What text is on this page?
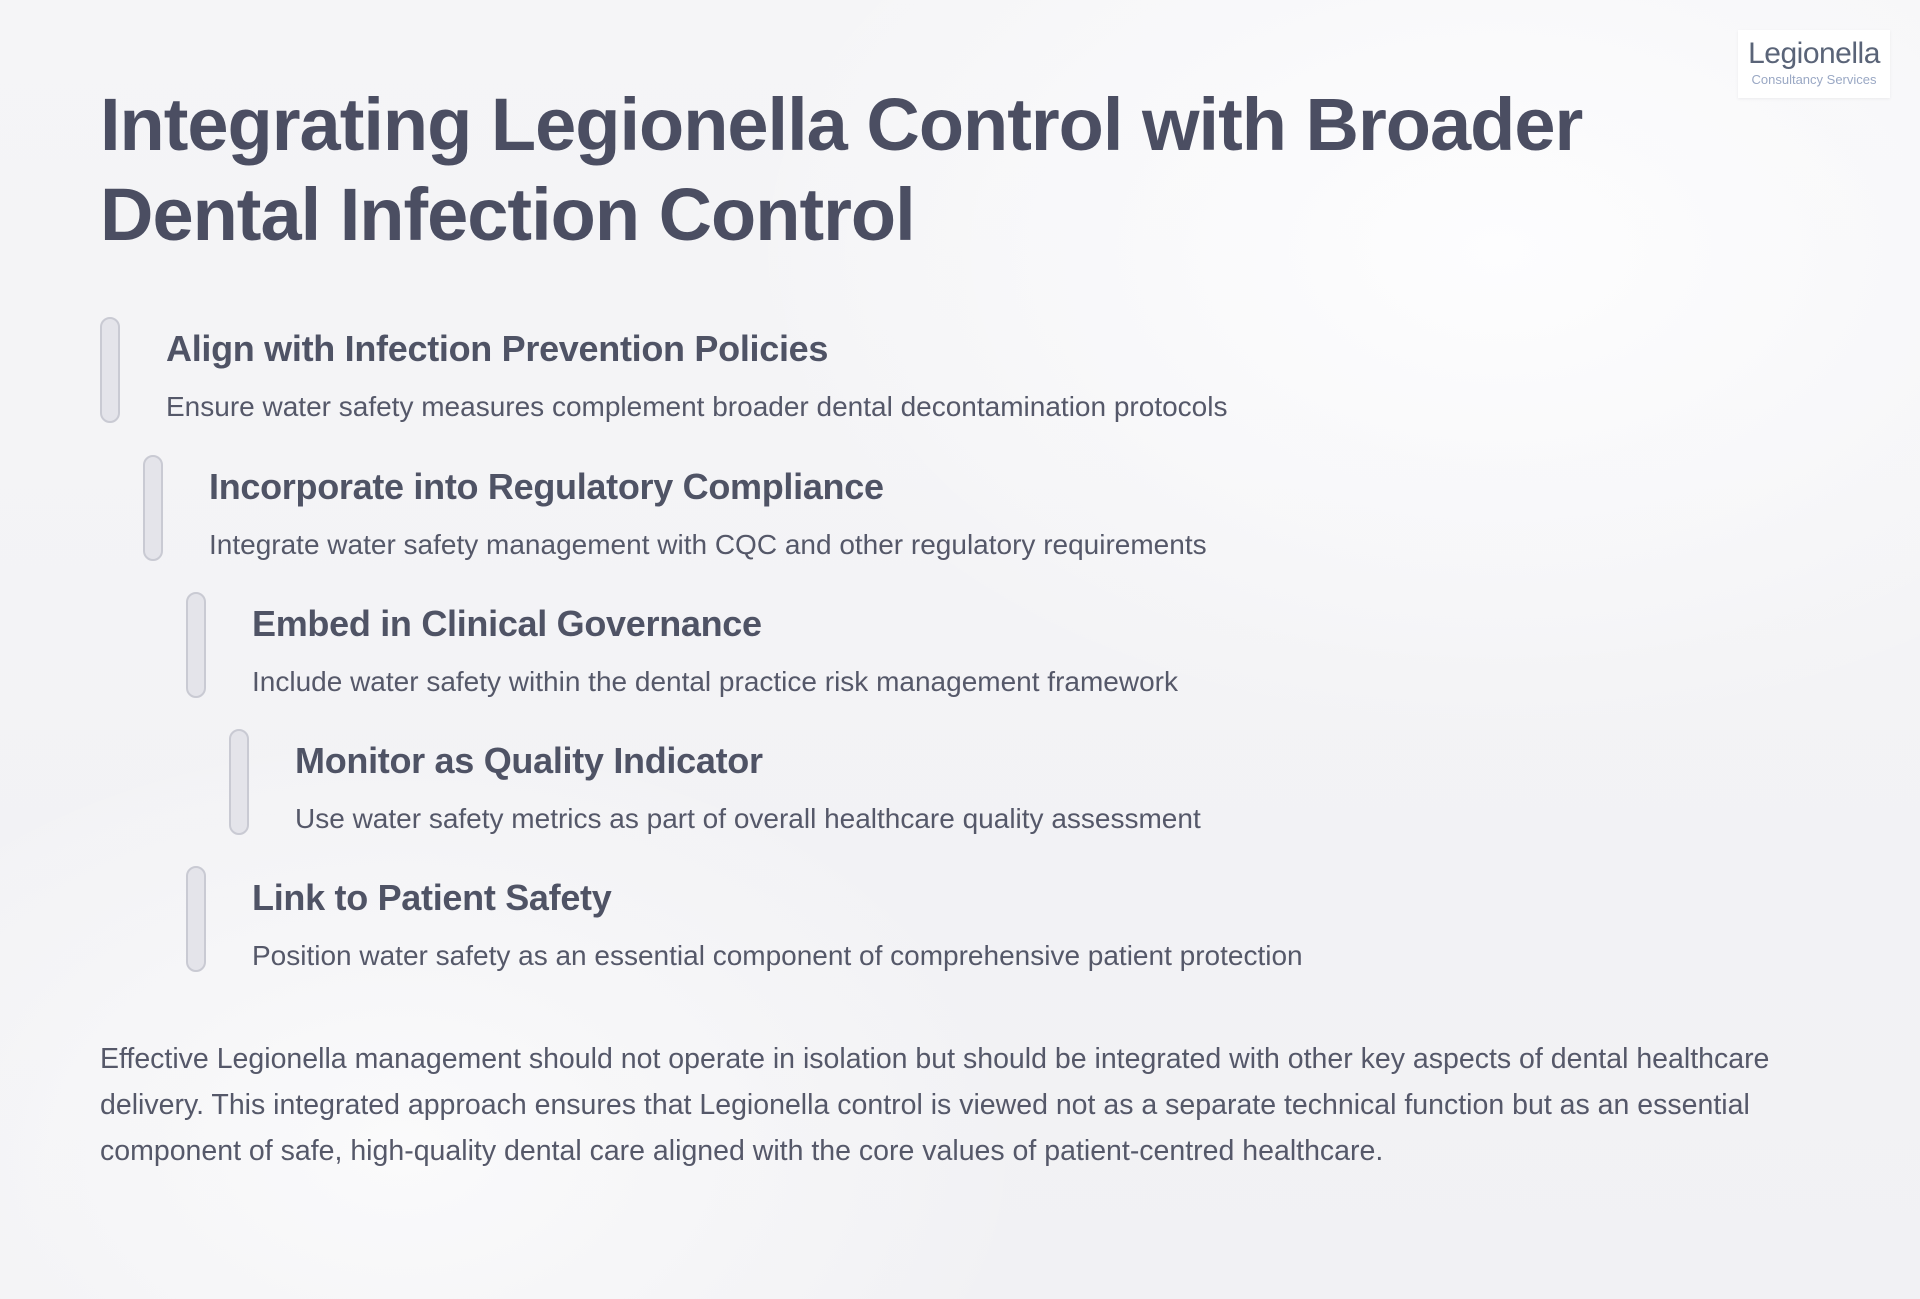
Legionella
Consultancy Services
Integrating Legionella Control with Broader Dental Infection Control
Align with Infection Prevention Policies
Ensure water safety measures complement broader dental decontamination protocols
Incorporate into Regulatory Compliance
Integrate water safety management with CQC and other regulatory requirements
Embed in Clinical Governance
Include water safety within the dental practice risk management framework
Monitor as Quality Indicator
Use water safety metrics as part of overall healthcare quality assessment
Link to Patient Safety
Position water safety as an essential component of comprehensive patient protection

Effective Legionella management should not operate in isolation but should be integrated with other key aspects of dental healthcare delivery. This integrated approach ensures that Legionella control is viewed not as a separate technical function but as an essential component of safe, high-quality dental care aligned with the core values of patient-centred healthcare.
